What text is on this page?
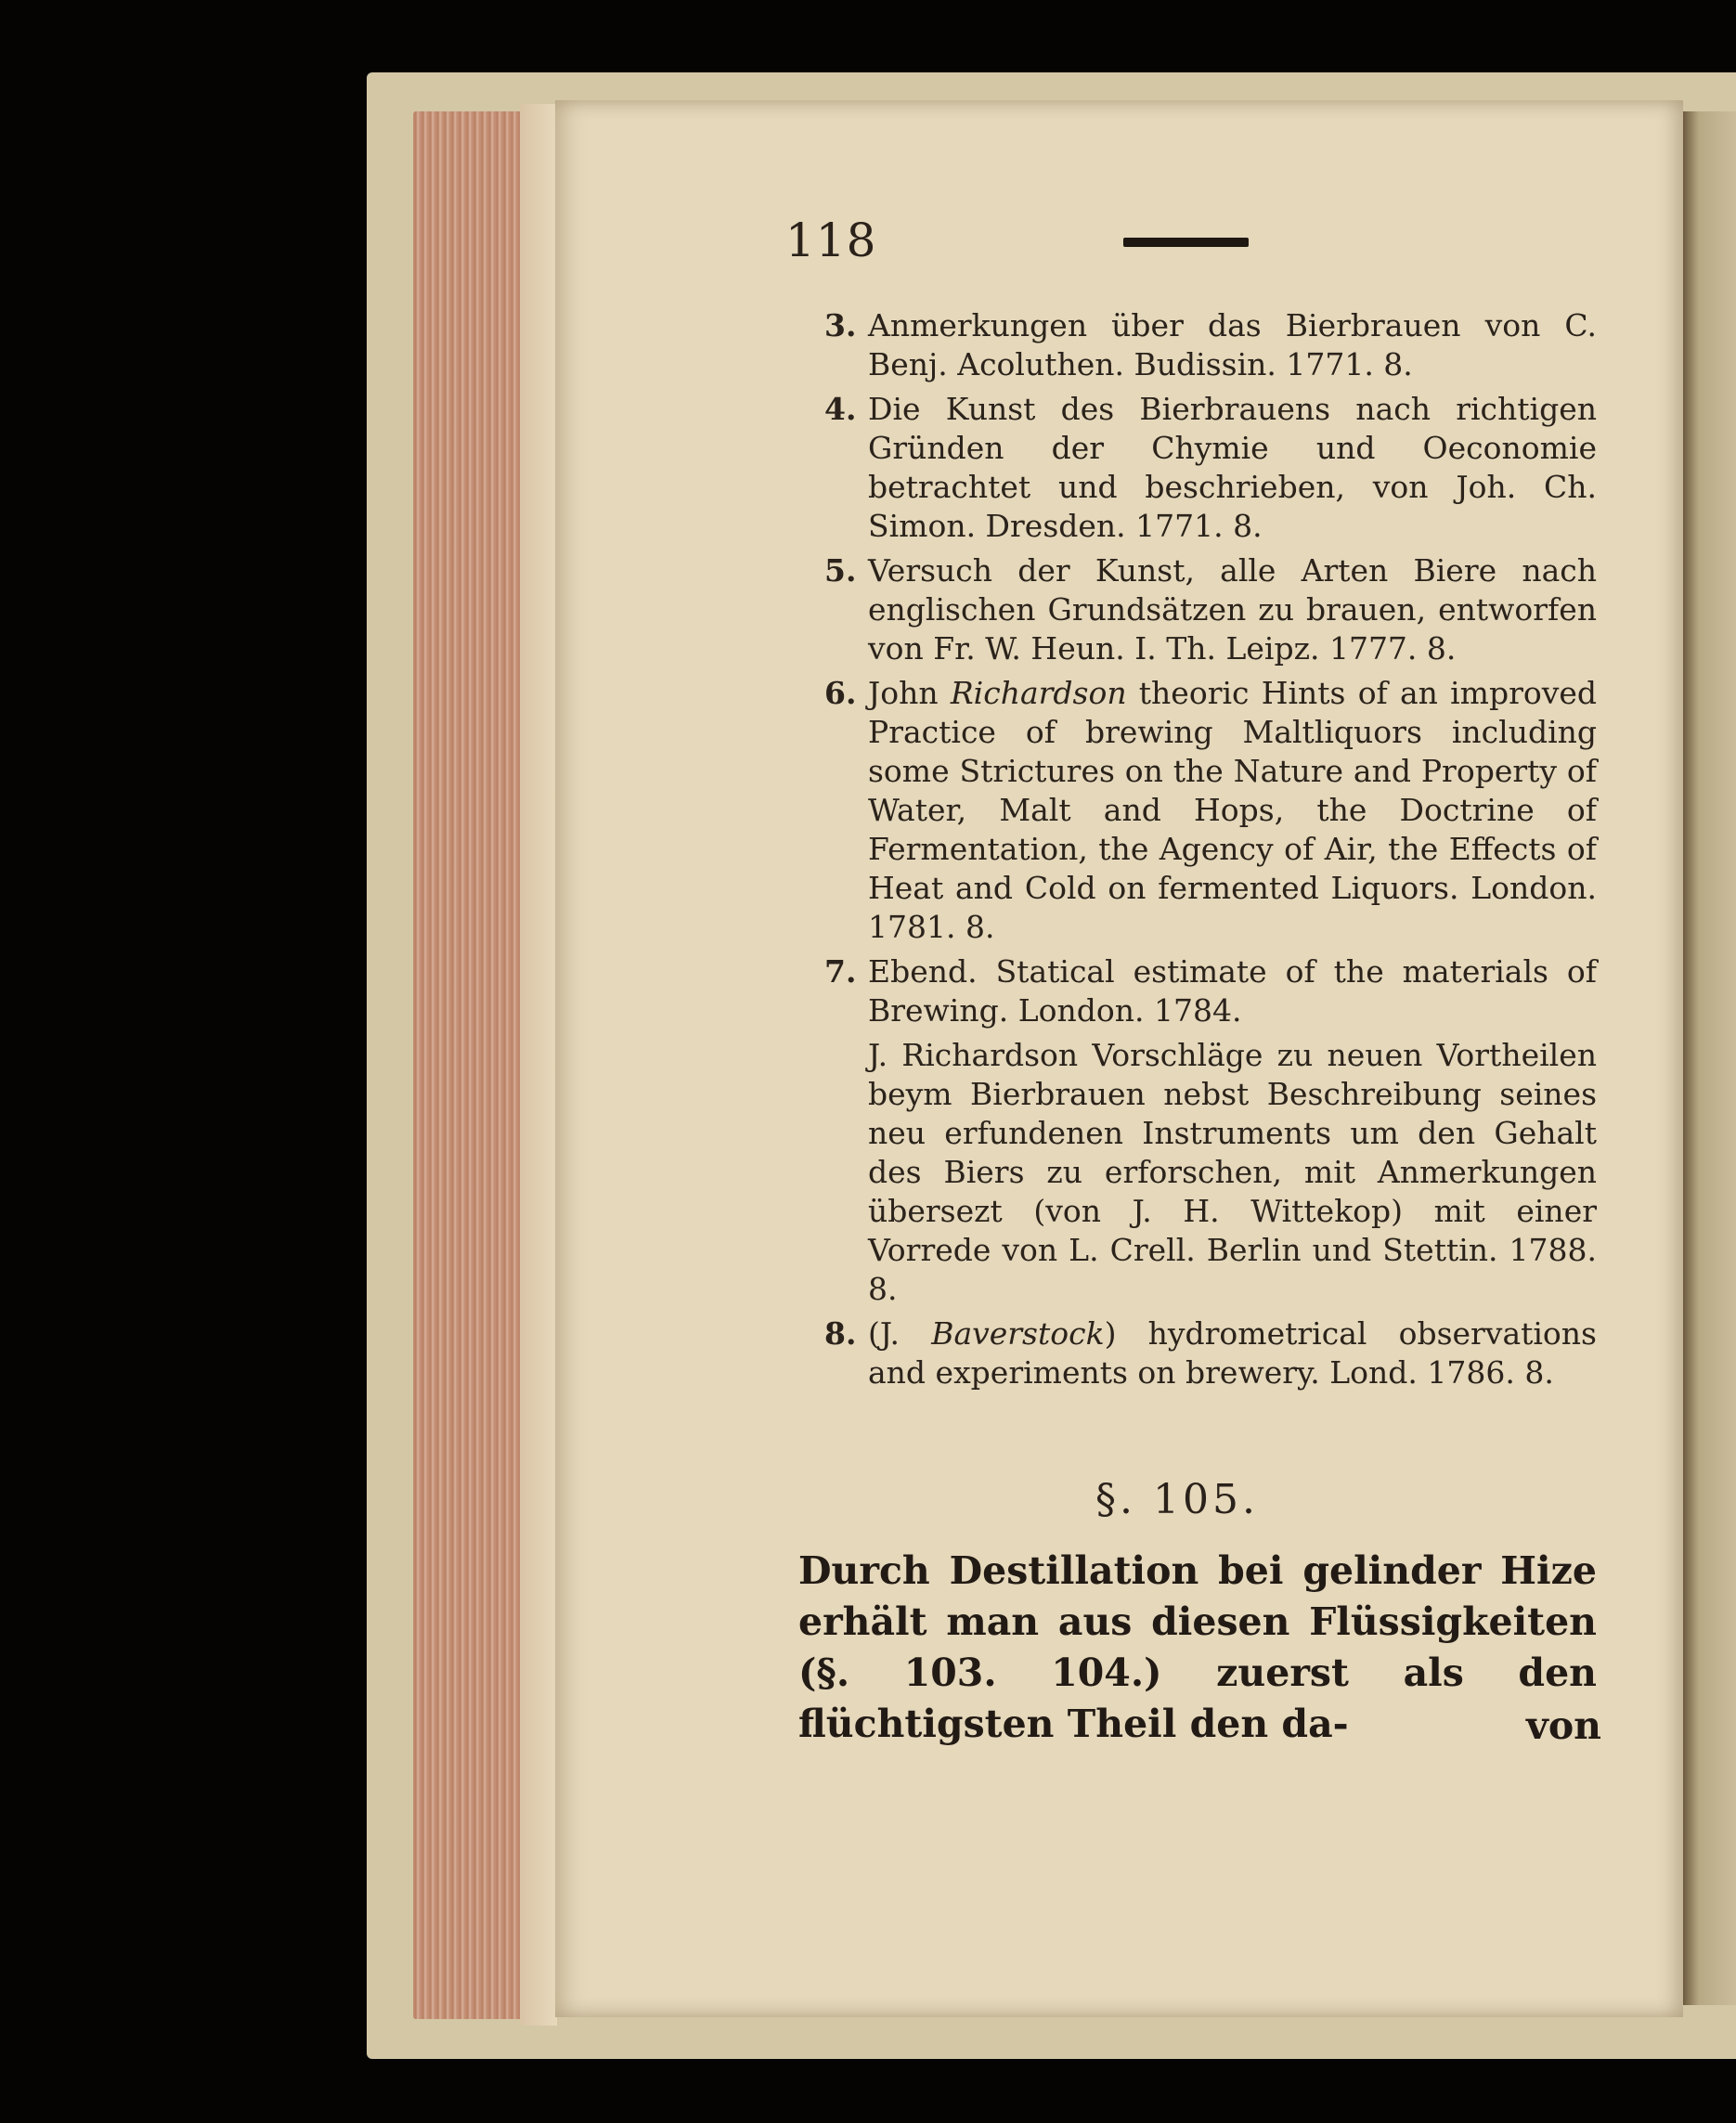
118
3. Anmerkungen über das Bierbrauen von C. Benj. Acoluthen. Budissin. 1771. 8.
4. Die Kunst des Bierbrauens nach richtigen Gründen der Chymie und Oeconomie betrachtet und beschrieben, von Joh. Ch. Simon. Dresden. 1771. 8.
5. Versuch der Kunst, alle Arten Biere nach englischen Grundsätzen zu brauen, entworfen von Fr. W. Heun. I. Th. Leipz. 1777. 8.
6. John Richardson theoric Hints of an improved Practice of brewing Maltliquors including some Strictures on the Nature and Property of Water, Malt and Hops, the Doctrine of Fermentation, the Agency of Air, the Effects of Heat and Cold on fermented Liquors. London. 1781. 8.
7. Ebend. Statical estimate of the materials of Brewing. London. 1784.
J. Richardson Vorschläge zu neuen Vortheilen beym Bierbrauen nebst Beschreibung seines neu erfundenen Instruments um den Gehalt des Biers zu erforschen, mit Anmerkungen übersezt (von J. H. Wittekop) mit einer Vorrede von L. Crell. Berlin und Stettin. 1788. 8.
8. (J. Baverstock) hydrometrical observations and experiments on brewery. Lond. 1786. 8.
§. 105.

Durch Destillation bei gelinder Hize erhält man aus diesen Flüssigkeiten (§. 103. 104.) zuerst als den flüchtigsten Theil den da-	von
